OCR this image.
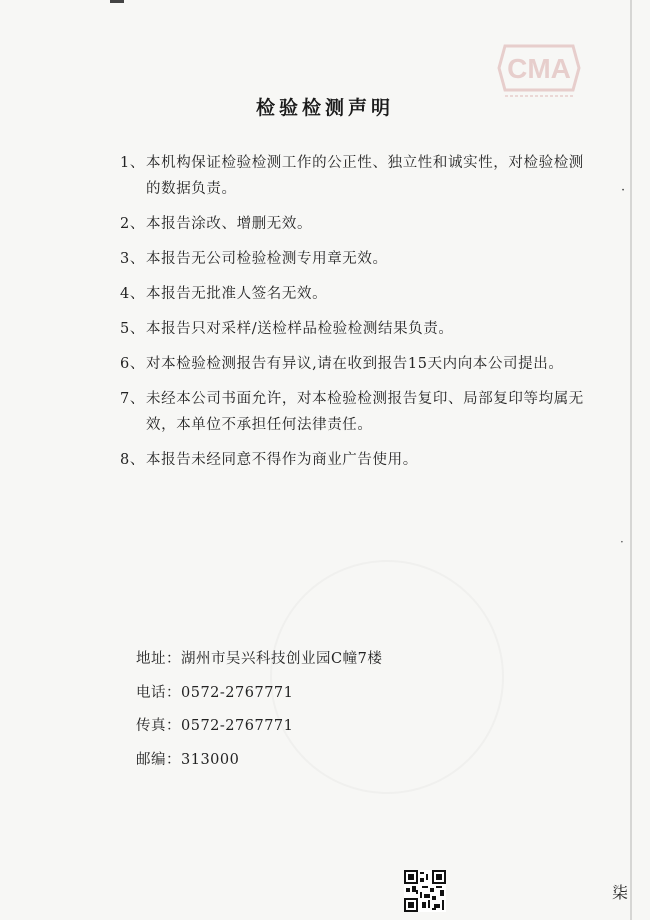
CMA
检验检测声明
1、 本机构保证检验检测工作的公正性、独立性和诚实性，对检验检测的数据负责。
2、 本报告涂改、增删无效。
3、 本报告无公司检验检测专用章无效。
4、 本报告无批准人签名无效。
5、 本报告只对采样/送检样品检验检测结果负责。
6、 对本检验检测报告有异议,请在收到报告15天内向本公司提出。
7、 未经本公司书面允许，对本检验检测报告复印、局部复印等均属无效，本单位不承担任何法律责任。
8、 本报告未经同意不得作为商业广告使用。
地址：湖州市吴兴科技创业园C幢7楼
电话：0572-2767771
传真：0572-2767771
邮编：313000
柒
·
·
